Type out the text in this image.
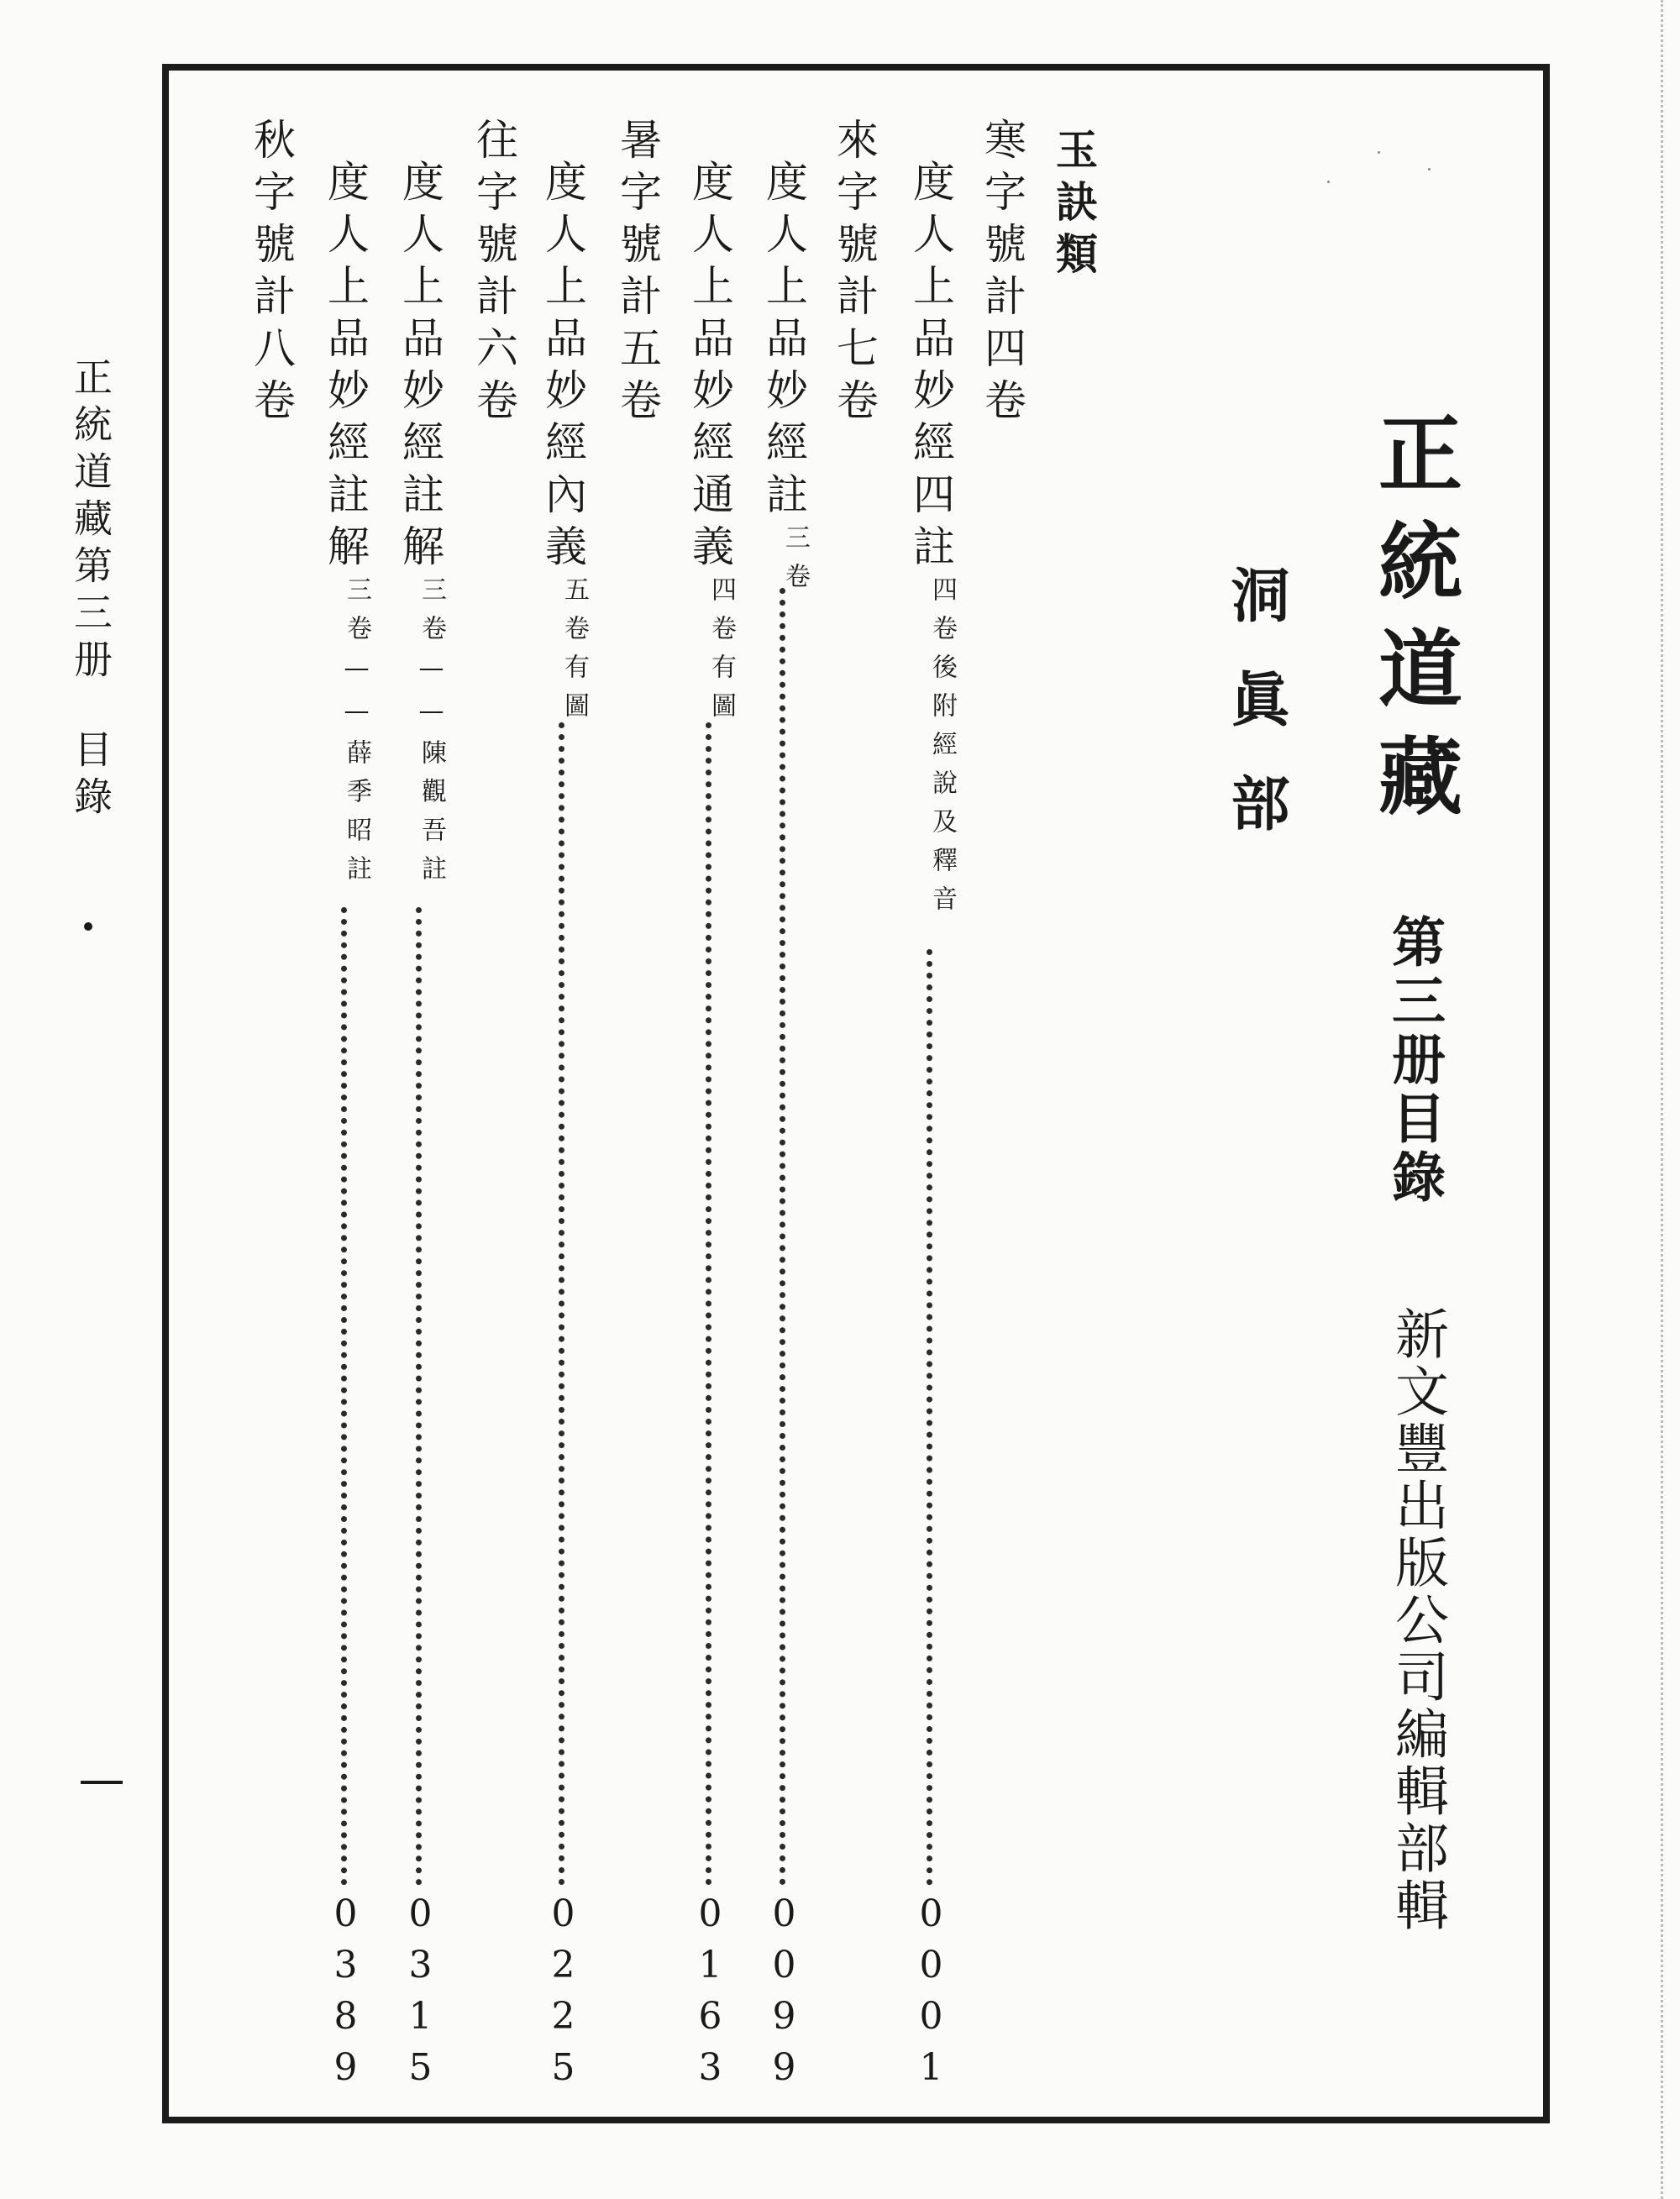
正統道藏第三册
目錄	正統道藏
第三册目錄
洞眞部
新文豐出版公司編輯部輯
玉訣類
寒字號計四卷
來字號計七卷
暑字號計五卷
往字號計六卷
秋字號計八卷	度人上品妙經四註四卷後附經說及釋音
0001
度人上品妙經註三卷
0099
度人上品妙經通義四卷有圖
0163
度人上品妙經內義五卷有圖
0225
度人上品妙經註解三卷——陳觀吾註
0315
度人上品妙經註解三卷——薛季昭註
0389
